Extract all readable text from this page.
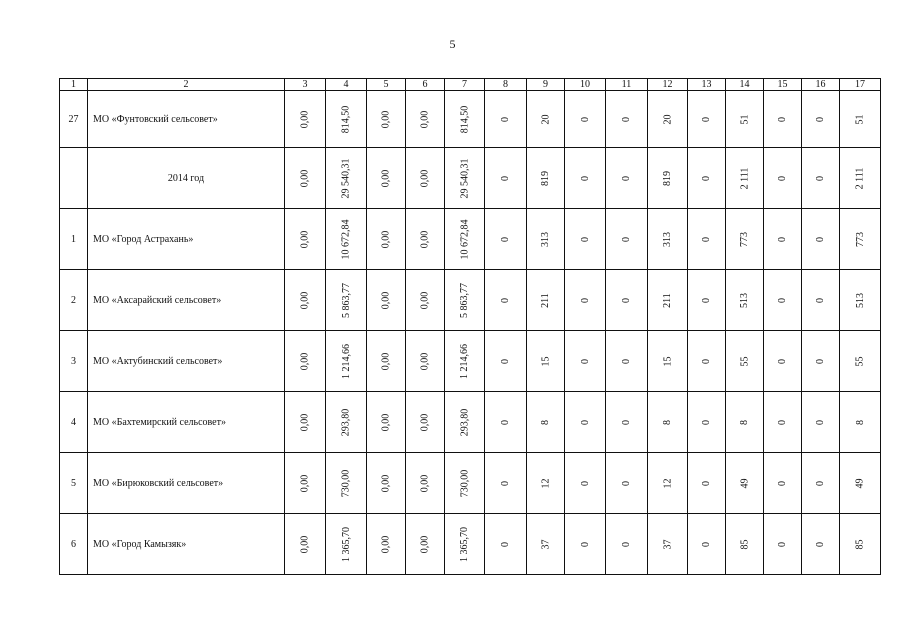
5
1	2	3	4	5	6	7	8	9	10	11	12	13	14	15	16	17
27	МО «Фунтовский сельсовет»	0,00	814,50	0,00	0,00	814,50	0	20	0	0	20	0	51	0	0	51
	2014 год	0,00	29 540,31	0,00	0,00	29 540,31	0	819	0	0	819	0	2 111	0	0	2 111
1	МО «Город Астрахань»	0,00	10 672,84	0,00	0,00	10 672,84	0	313	0	0	313	0	773	0	0	773
2	МО «Аксарайский сельсовет»	0,00	5 863,77	0,00	0,00	5 863,77	0	211	0	0	211	0	513	0	0	513
3	МО «Актубинский сельсовет»	0,00	1 214,66	0,00	0,00	1 214,66	0	15	0	0	15	0	55	0	0	55
4	МО «Бахтемирский сельсовет»	0,00	293,80	0,00	0,00	293,80	0	8	0	0	8	0	8	0	0	8
5	МО «Бирюковский сельсовет»	0,00	730,00	0,00	0,00	730,00	0	12	0	0	12	0	49	0	0	49
6	МО «Город Камызяк»	0,00	1 365,70	0,00	0,00	1 365,70	0	37	0	0	37	0	85	0	0	85
